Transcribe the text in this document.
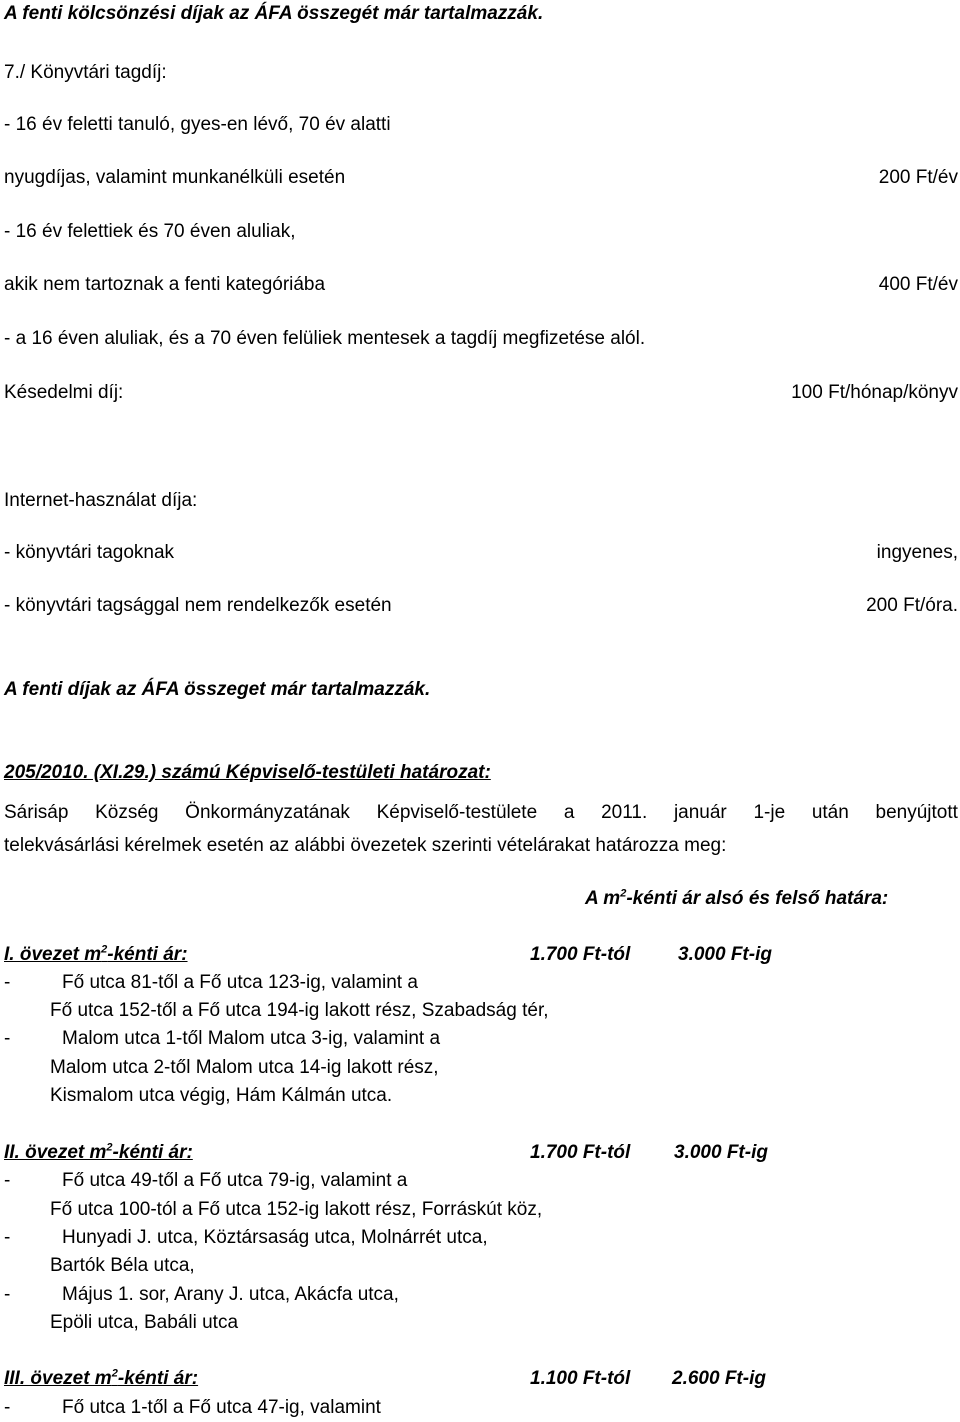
A fenti kölcsönzési díjak az ÁFA összegét már tartalmazzák.
7./ Könyvtári tagdíj:
- 16 év feletti tanuló, gyes-en lévő, 70 év alatti
nyugdíjas, valamint munkanélküli esetén	200 Ft/év
- 16 év felettiek és 70 éven aluliak,
akik nem tartoznak a fenti kategóriába	400 Ft/év
- a 16 éven aluliak, és a 70 éven felüliek mentesek a tagdíj megfizetése alól.
Késedelmi díj:	100 Ft/hónap/könyv
Internet-használat díja:
- könyvtári tagoknak	ingyenes,
- könyvtári tagsággal nem rendelkezők esetén	200 Ft/óra.
A fenti díjak az ÁFA összeget már tartalmazzák.
205/2010. (XI.29.) számú Képviselő-testületi határozat:
Sárisáp Község Önkormányzatának Képviselő-testülete a 2011. január 1-je után benyújtott
telekvásárlási kérelmek esetén az alábbi övezetek szerinti vételárakat határozza meg:
A $m^2$-kénti ár alsó és felső határa:
I. övezet $m^2$-kénti ár:	1.700 Ft-tól	3.000 Ft-ig
-	Fő utca 81-től a Fő utca 123-ig, valamint a
Fő utca 152-től a Fő utca 194-ig lakott rész, Szabadság tér,
-	Malom utca 1-től Malom utca 3-ig, valamint a
Malom utca 2-től Malom utca 14-ig lakott rész,
Kismalom utca végig, Hám Kálmán utca.
II. övezet $m^2$-kénti ár:	1.700 Ft-tól 3.000 Ft-ig
-	Fő utca 49-től a Fő utca 79-ig, valamint a
Fő utca 100-tól a Fő utca 152-ig lakott rész, Forráskút köz,
-	Hunyadi J. utca, Köztársaság utca, Molnárrét utca,
Bartók Béla utca,
-	Május 1. sor, Arany J. utca, Akácfa utca,
Epöli utca, Babáli utca
III. övezet $m^2$-kénti ár:	1.100 Ft-tól 2.600 Ft-ig
-	Fő utca 1-től a Fő utca 47-ig, valamint
